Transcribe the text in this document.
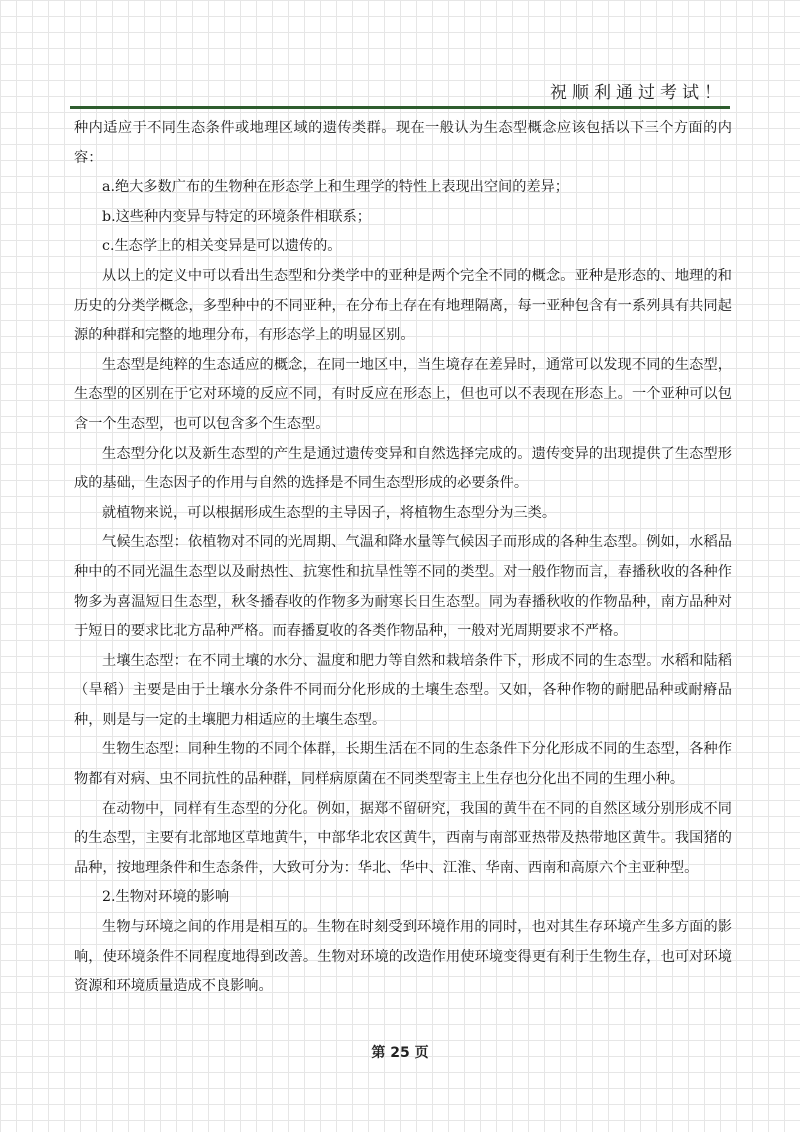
祝顺利通过考试！

种内适应于不同生态条件或地理区域的遗传类群。现在一般认为生态型概念应该包括以下三个方面的内容：

a.绝大多数广布的生物种在形态学上和生理学的特性上表现出空间的差异；

b.这些种内变异与特定的环境条件相联系；

c.生态学上的相关变异是可以遗传的。

从以上的定义中可以看出生态型和分类学中的亚种是两个完全不同的概念。亚种是形态的、地理的和历史的分类学概念，多型种中的不同亚种，在分布上存在有地理隔离，每一亚种包含有一系列具有共同起源的种群和完整的地理分布，有形态学上的明显区别。

生态型是纯粹的生态适应的概念，在同一地区中，当生境存在差异时，通常可以发现不同的生态型，生态型的区别在于它对环境的反应不同，有时反应在形态上，但也可以不表现在形态上。一个亚种可以包含一个生态型，也可以包含多个生态型。

生态型分化以及新生态型的产生是通过遗传变异和自然选择完成的。遗传变异的出现提供了生态型形成的基础，生态因子的作用与自然的选择是不同生态型形成的必要条件。

就植物来说，可以根据形成生态型的主导因子，将植物生态型分为三类。

气候生态型：依植物对不同的光周期、气温和降水量等气候因子而形成的各种生态型。例如，水稻品种中的不同光温生态型以及耐热性、抗寒性和抗旱性等不同的类型。对一般作物而言，春播秋收的各种作物多为喜温短日生态型，秋冬播春收的作物多为耐寒长日生态型。同为春播秋收的作物品种，南方品种对于短日的要求比北方品种严格。而春播夏收的各类作物品种，一般对光周期要求不严格。

土壤生态型：在不同土壤的水分、温度和肥力等自然和栽培条件下，形成不同的生态型。水稻和陆稻（旱稻）主要是由于土壤水分条件不同而分化形成的土壤生态型。又如，各种作物的耐肥品种或耐瘠品种，则是与一定的土壤肥力相适应的土壤生态型。

生物生态型：同种生物的不同个体群，长期生活在不同的生态条件下分化形成不同的生态型，各种作物都有对病、虫不同抗性的品种群，同样病原菌在不同类型寄主上生存也分化出不同的生理小种。

在动物中，同样有生态型的分化。例如，据郑不留研究，我国的黄牛在不同的自然区域分别形成不同的生态型，主要有北部地区草地黄牛，中部华北农区黄牛，西南与南部亚热带及热带地区黄牛。我国猪的品种，按地理条件和生态条件，大致可分为：华北、华中、江淮、华南、西南和高原六个主亚种型。

2.生物对环境的影响

生物与环境之间的作用是相互的。生物在时刻受到环境作用的同时，也对其生存环境产生多方面的影响，使环境条件不同程度地得到改善。生物对环境的改造作用使环境变得更有利于生物生存，也可对环境资源和环境质量造成不良影响。

第 25 页
